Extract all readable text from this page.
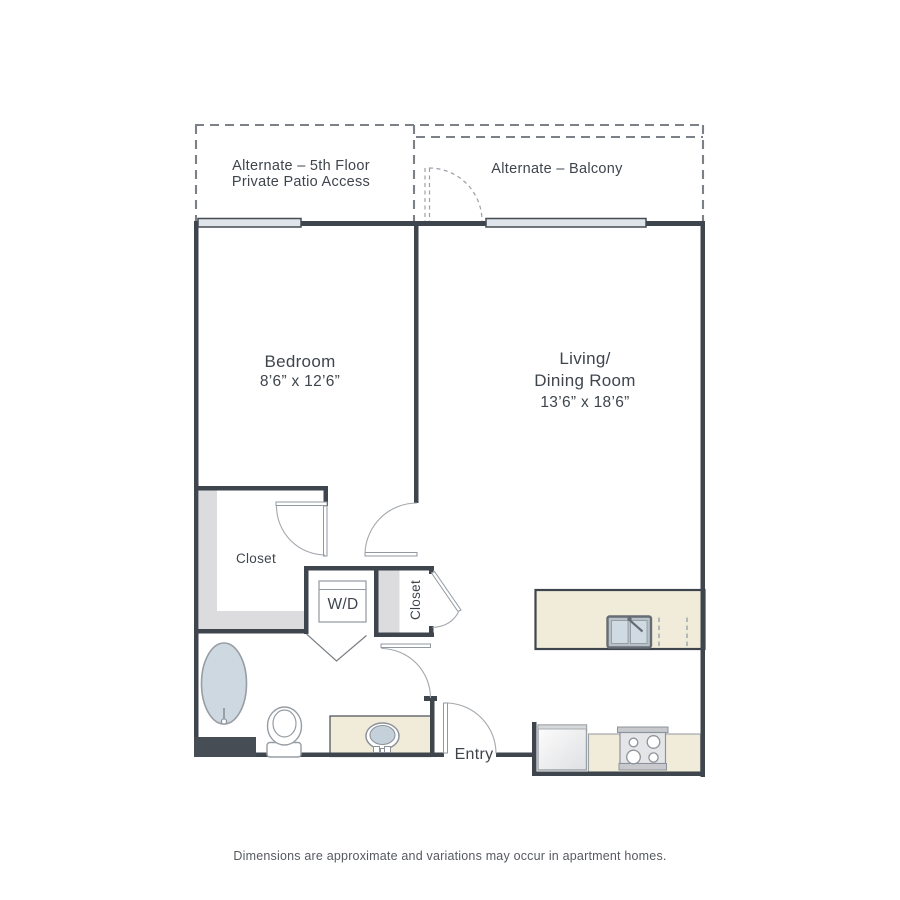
Alternate – 5th Floor
Private Patio Access
Alternate – Balcony
Bedroom
8’6” x 12’6”
Living/
Dining Room
13’6” x 18’6”
Closet
W/D	Closet
Entry
Dimensions are approximate and variations may occur in apartment homes.
